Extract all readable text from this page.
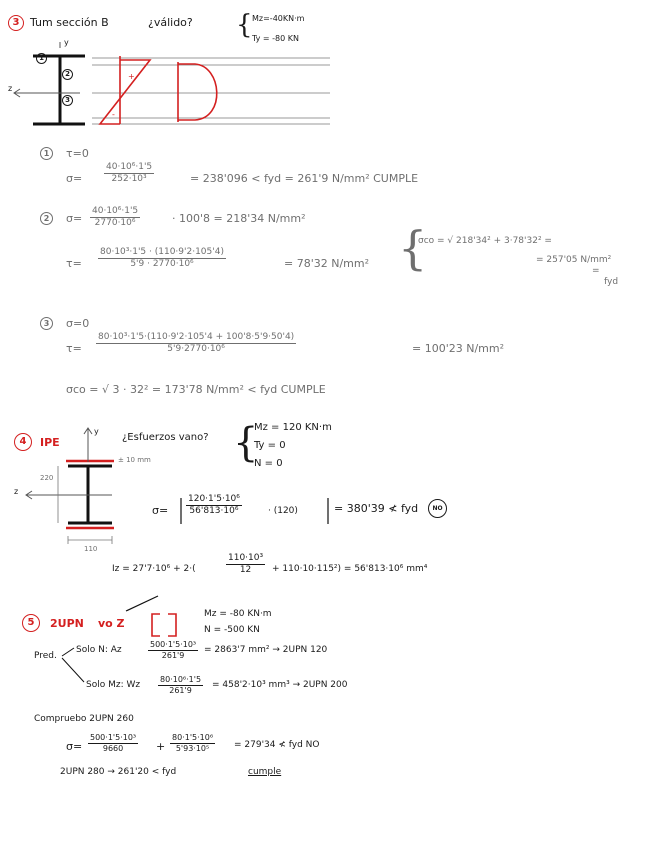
3 Tum sección B	¿válido? { Mz=-40KN·m
Ty = -80 KN
y
z
1
2
3
+
-
1	τ=0
$\sigma= \frac{\text{40·10⁶·1'5}}{\text{252·10³}}$	= 238'096 < fyd = 261'9 N/mm² CUMPLE
2	$\sigma= \frac{\text{40·10⁶·1'5}}{\text{2770·10⁶}}$	· 100'8 = 218'34 N/mm²
$\tau= \frac{\text{80·10³·1'5 · (110·9'2·105'4)}}{\text{5'9 · 2770·10⁶}}$	= 78'32 N/mm² {
σco = √ 218'34² + 3·78'32² =
= 257'05 N/mm²
=
fyd
3	σ=0
$\tau= \frac{\text{80·10³·1'5·(110·9'2·105'4 + 100'8·5'9·50'4)}}{\text{5'9·2770·10⁶}}$	= 100'23 N/mm²
σco = √ 3 · 32² = 173'78 N/mm² < fyd CUMPLE
4	IPE	¿Esfuerzos vano? {
Mz = 120 KN·m
Ty = 0
N = 0
y
z
± 10 mm
220
110
$\sigma= \frac{\text{120·1'5·10⁶}}{\text{56'813·10⁶}}$	· (120)	= 380'39 ≮ fyd	NO
Iz = 27'7·10⁶ + 2·(	$\frac{\text{110·10³}}{12} + 110\cdot 10\cdot 115^2) = 56'813\cdot 10^6$ mm⁴
5	2UPN vo Z
Mz = -80 KN·m
N = -500 KN
Pred.
Solo N: Az	$\frac{\text{500·1'5·10³}}{261'9} = 2863'7$ mm² → 2UPN 120
Solo Mz: Wz $\frac{\text{80·10⁶·1'5}}{261'9} = 458'2\cdot 10^3$ mm³ → 2UPN 200
Compruebo 2UPN 260
$\sigma= \frac{\text{500·1'5·10³}}{9660} + \frac{\text{80·1'5·10⁶}}{\text{5'93·10⁵}} = 279'34$ ≮ fyd NO
2UPN 280 → 261'20 < fyd	cumple
